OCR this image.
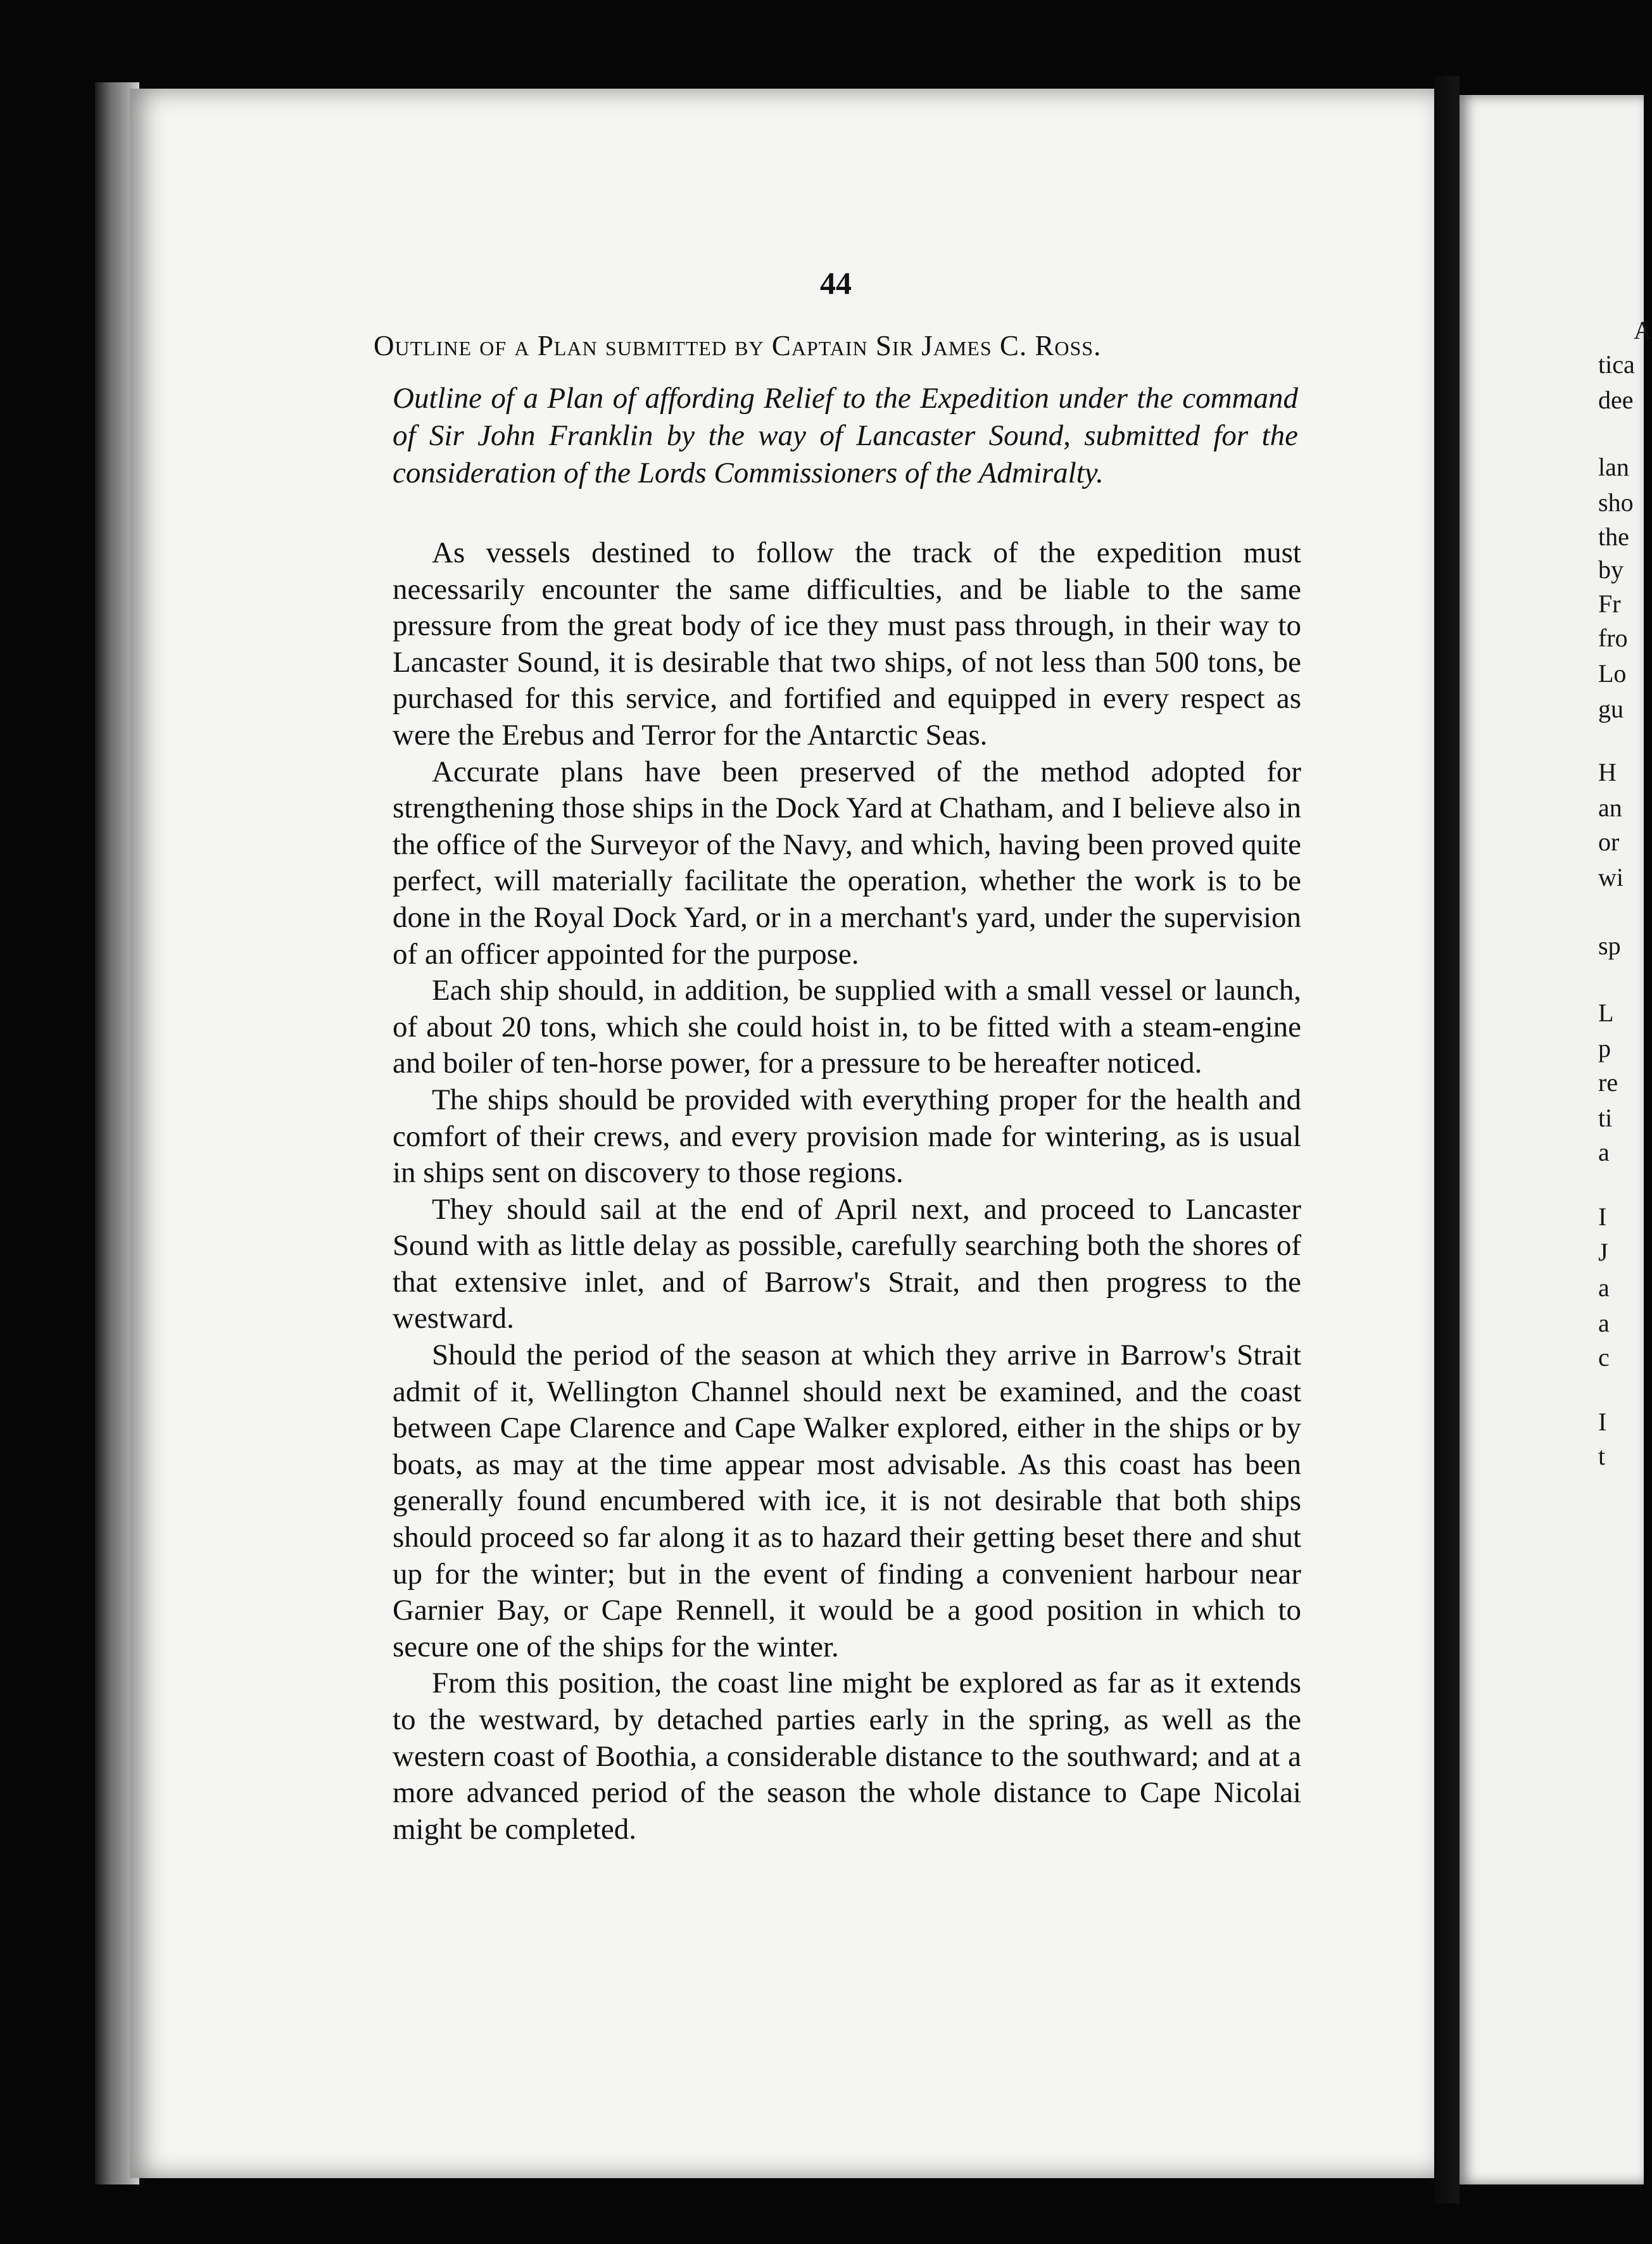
44
Outline of a Plan submitted by Captain Sir James C. Ross.
Outline of a Plan of affording Relief to the Expedition under the command of Sir John Franklin by the way of Lancaster Sound, submitted for the consideration of the Lords Commissioners of the Admiralty.

As vessels destined to follow the track of the expedition must necessarily encounter the same difficulties, and be liable to the same pressure from the great body of ice they must pass through, in their way to Lancaster Sound, it is desirable that two ships, of not less than 500 tons, be purchased for this service, and fortified and equipped in every respect as were the Erebus and Terror for the Antarctic Seas.

Accurate plans have been preserved of the method adopted for strengthening those ships in the Dock Yard at Chatham, and I believe also in the office of the Surveyor of the Navy, and which, having been proved quite perfect, will materially facilitate the operation, whether the work is to be done in the Royal Dock Yard, or in a merchant's yard, under the supervision of an officer appointed for the purpose.

Each ship should, in addition, be supplied with a small vessel or launch, of about 20 tons, which she could hoist in, to be fitted with a steam-engine and boiler of ten-horse power, for a pressure to be hereafter noticed.

The ships should be provided with everything proper for the health and comfort of their crews, and every provision made for wintering, as is usual in ships sent on discovery to those regions.

They should sail at the end of April next, and proceed to Lancaster Sound with as little delay as possible, carefully searching both the shores of that extensive inlet, and of Barrow's Strait, and then progress to the westward.

Should the period of the season at which they arrive in Barrow's Strait admit of it, Wellington Channel should next be examined, and the coast between Cape Clarence and Cape Walker explored, either in the ships or by boats, as may at the time appear most advisable. As this coast has been generally found encumbered with ice, it is not desirable that both ships should proceed so far along it as to hazard their getting beset there and shut up for the winter; but in the event of finding a convenient harbour near Garnier Bay, or Cape Rennell, it would be a good position in which to secure one of the ships for the winter.

From this position, the coast line might be explored as far as it extends to the westward, by detached parties early in the spring, as well as the western coast of Boothia, a considerable distance to the southward; and at a more advanced period of the season the whole distance to Cape Nicolai might be completed.

A
tica
dee
lan
sho
the
by
Fr
fro
Lo
gu
H
an
or
wi
sp
L
p
re
ti
a
I
J
a
a
c
I
t
